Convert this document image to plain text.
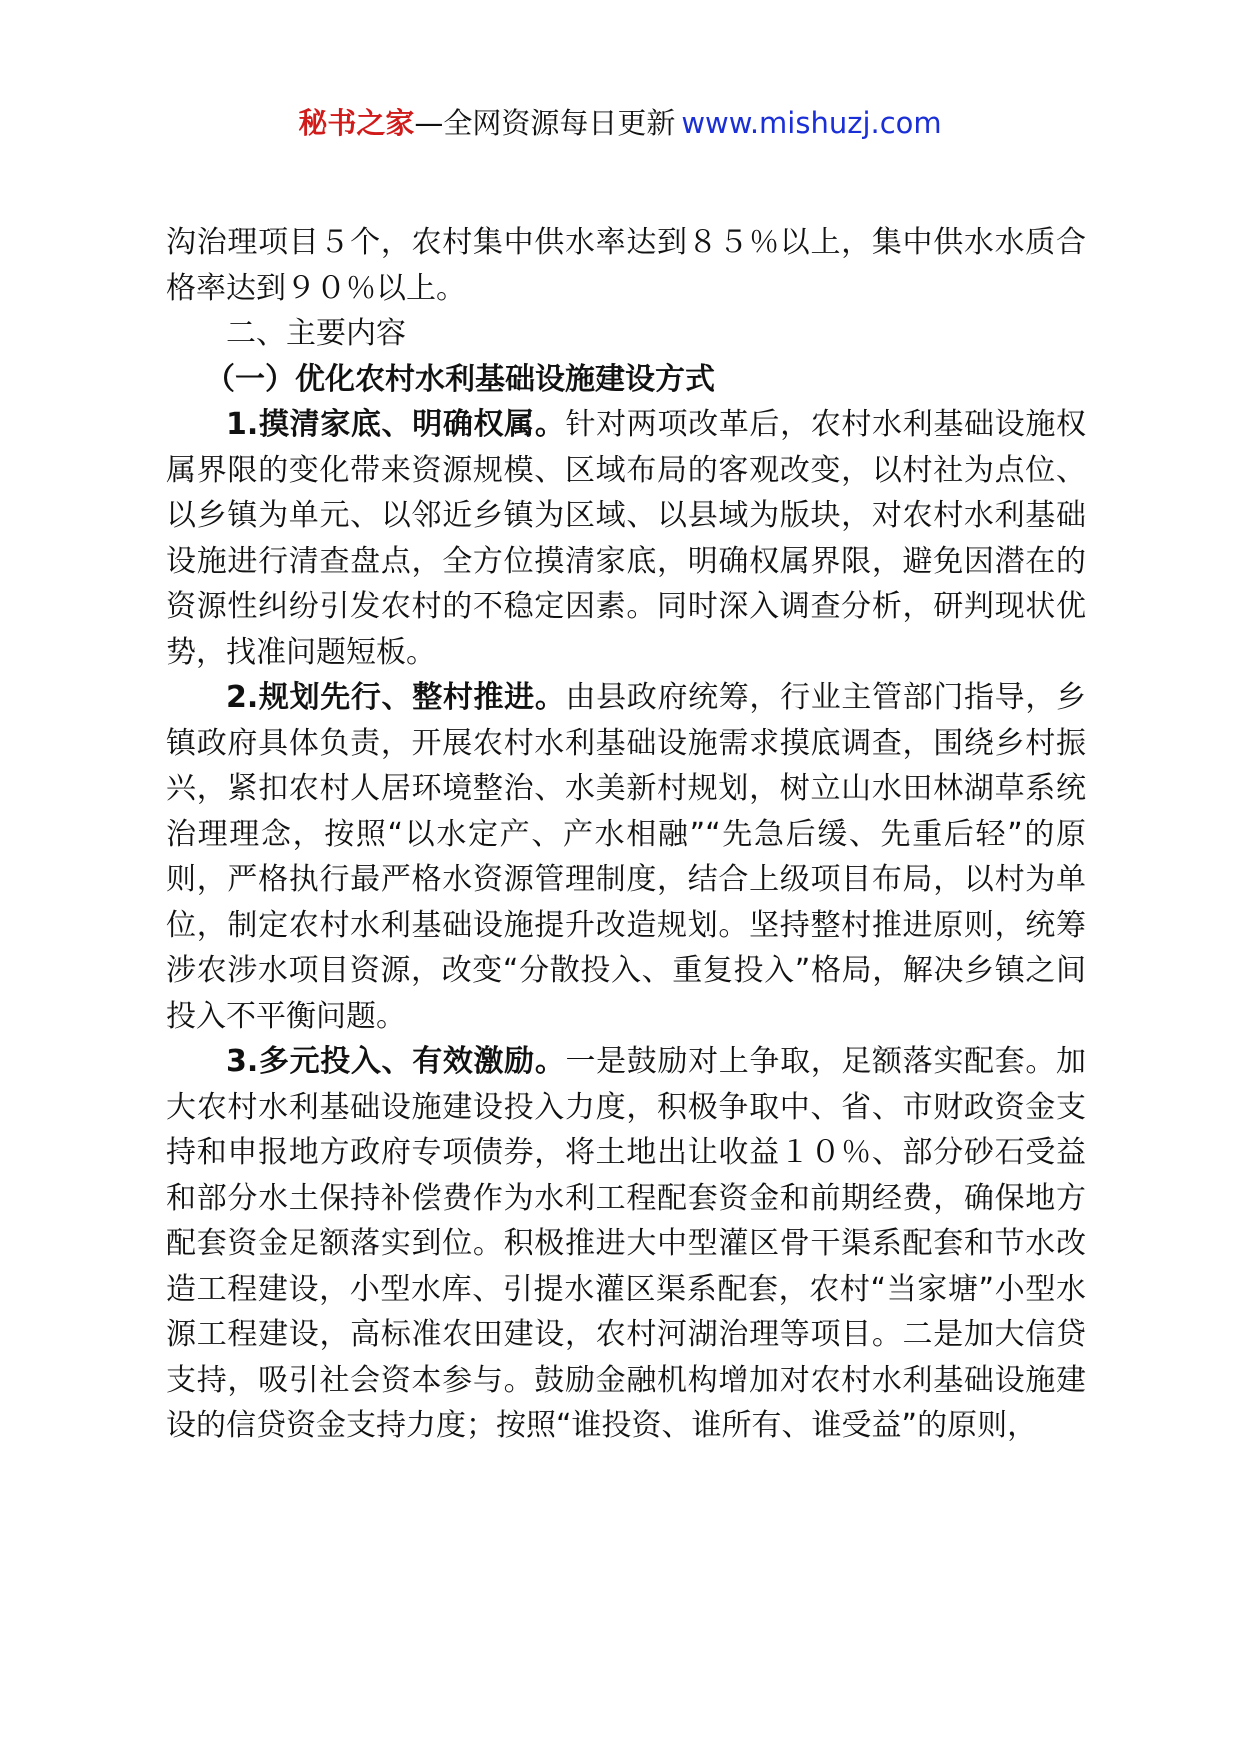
秘书之家—全网资源每日更新 www.mishuzj.com

沟治理项目５个，农村集中供水率达到８５％以上，集中供水水质合格率达到９０％以上。

二、主要内容

（一）优化农村水利基础设施建设方式

1.摸清家底、明确权属。针对两项改革后，农村水利基础设施权属界限的变化带来资源规模、区域布局的客观改变，以村社为点位、以乡镇为单元、以邻近乡镇为区域、以县域为版块，对农村水利基础设施进行清查盘点，全方位摸清家底，明确权属界限，避免因潜在的资源性纠纷引发农村的不稳定因素。同时深入调查分析，研判现状优势，找准问题短板。

2.规划先行、整村推进。由县政府统筹，行业主管部门指导，乡镇政府具体负责，开展农村水利基础设施需求摸底调查，围绕乡村振兴，紧扣农村人居环境整治、水美新村规划，树立山水田林湖草系统治理理念，按照“以水定产、产水相融”“先急后缓、先重后轻”的原则，严格执行最严格水资源管理制度，结合上级项目布局，以村为单位，制定农村水利基础设施提升改造规划。坚持整村推进原则，统筹涉农涉水项目资源，改变“分散投入、重复投入”格局，解决乡镇之间投入不平衡问题。

3.多元投入、有效激励。一是鼓励对上争取，足额落实配套。加大农村水利基础设施建设投入力度，积极争取中、省、市财政资金支持和申报地方政府专项债券，将土地出让收益１０％、部分砂石受益和部分水土保持补偿费作为水利工程配套资金和前期经费，确保地方配套资金足额落实到位。积极推进大中型灌区骨干渠系配套和节水改造工程建设，小型水库、引提水灌区渠系配套，农村“当家塘”小型水源工程建设，高标准农田建设，农村河湖治理等项目。二是加大信贷支持，吸引社会资本参与。鼓励金融机构增加对农村水利基础设施建设的信贷资金支持力度；按照“谁投资、谁所有、谁受益”的原则，
